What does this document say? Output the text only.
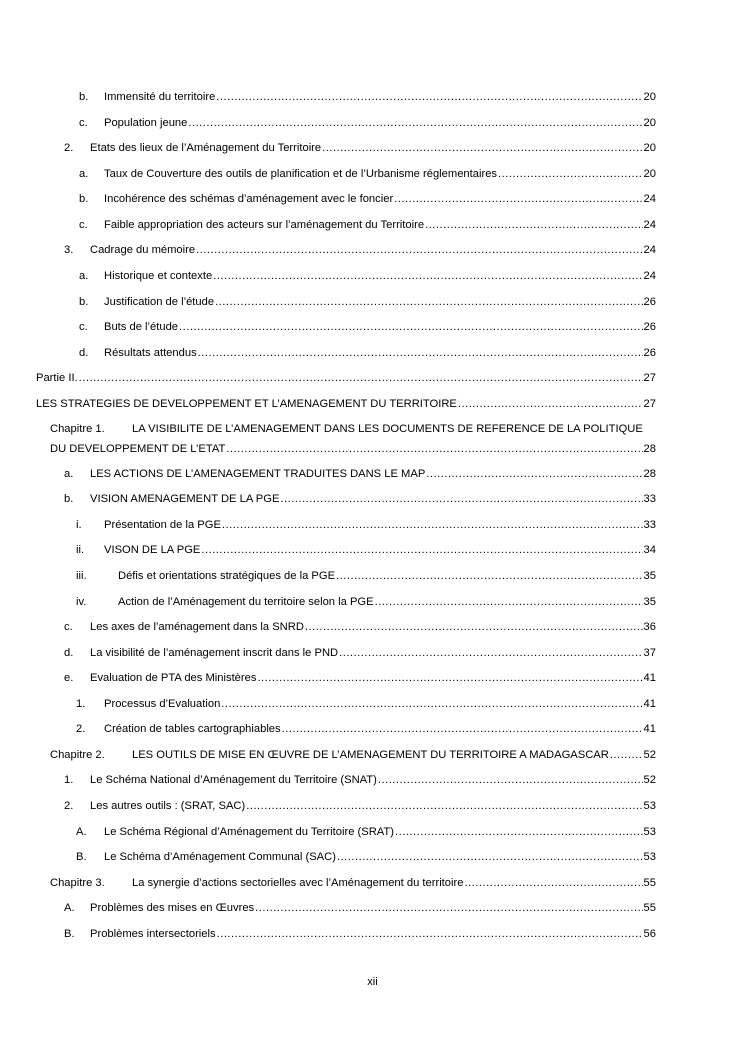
b.	Immensité du territoire .....	20
c.	Population jeune .....	20
2.	Etats des lieux de l’Aménagement du Territoire .....	20
a.	Taux de Couverture des outils de planification et de l’Urbanisme réglementaires .....	20
b.	Incohérence des schémas d’aménagement avec le foncier .....	24
c.	Faible appropriation des acteurs sur l’aménagement du Territoire .....	24
3.	Cadrage du mémoire .....	24
a.	Historique et contexte .....	24
b.	Justification de l’étude .....	26
c.	Buts de l’étude .....	26
d.	Résultats attendus .....	26
Partie II. .....	27
LES STRATEGIES DE DEVELOPPEMENT ET L’AMENAGEMENT DU TERRITOIRE .....	27
Chapitre 1.	LA VISIBILITE DE L’AMENAGEMENT DANS LES DOCUMENTS DE REFERENCE DE LA POLITIQUE
DU DEVELOPPEMENT DE L’ETAT .....	28
a.	LES ACTIONS DE L’AMENAGEMENT TRADUITES DANS LE MAP .....	28
b.	VISION AMENAGEMENT DE LA PGE .....	33
i.	Présentation de la PGE .....	33
ii.	VISON DE LA PGE .....	34
iii.	Défis et orientations stratégiques de la PGE .....	35
iv.	Action de l’Aménagement du territoire selon la PGE .....	35
c.	Les axes de l’aménagement dans la SNRD .....	36
d.	La visibilité de l’aménagement inscrit dans le PND .....	37
e.	Evaluation de PTA des Ministères .....	41
1.	Processus d’Evaluation .....	41
2.	Création de tables cartographiables .....	41
Chapitre 2.	LES OUTILS DE MISE EN ŒUVRE DE L’AMENAGEMENT DU TERRITOIRE A MADAGASCAR .....	52
1.	Le Schéma National d’Aménagement du Territoire (SNAT) .....	52
2.	Les autres outils : (SRAT, SAC) .....	53
A.	Le Schéma Régional d’Aménagement du Territoire (SRAT) .....	53
B.	Le Schéma d’Aménagement Communal (SAC) .....	53
Chapitre 3.	La synergie d’actions sectorielles avec l’Aménagement du territoire .....	55
A.	Problèmes des mises en Œuvres .....	55
B.	Problèmes intersectoriels .....	56
xii
